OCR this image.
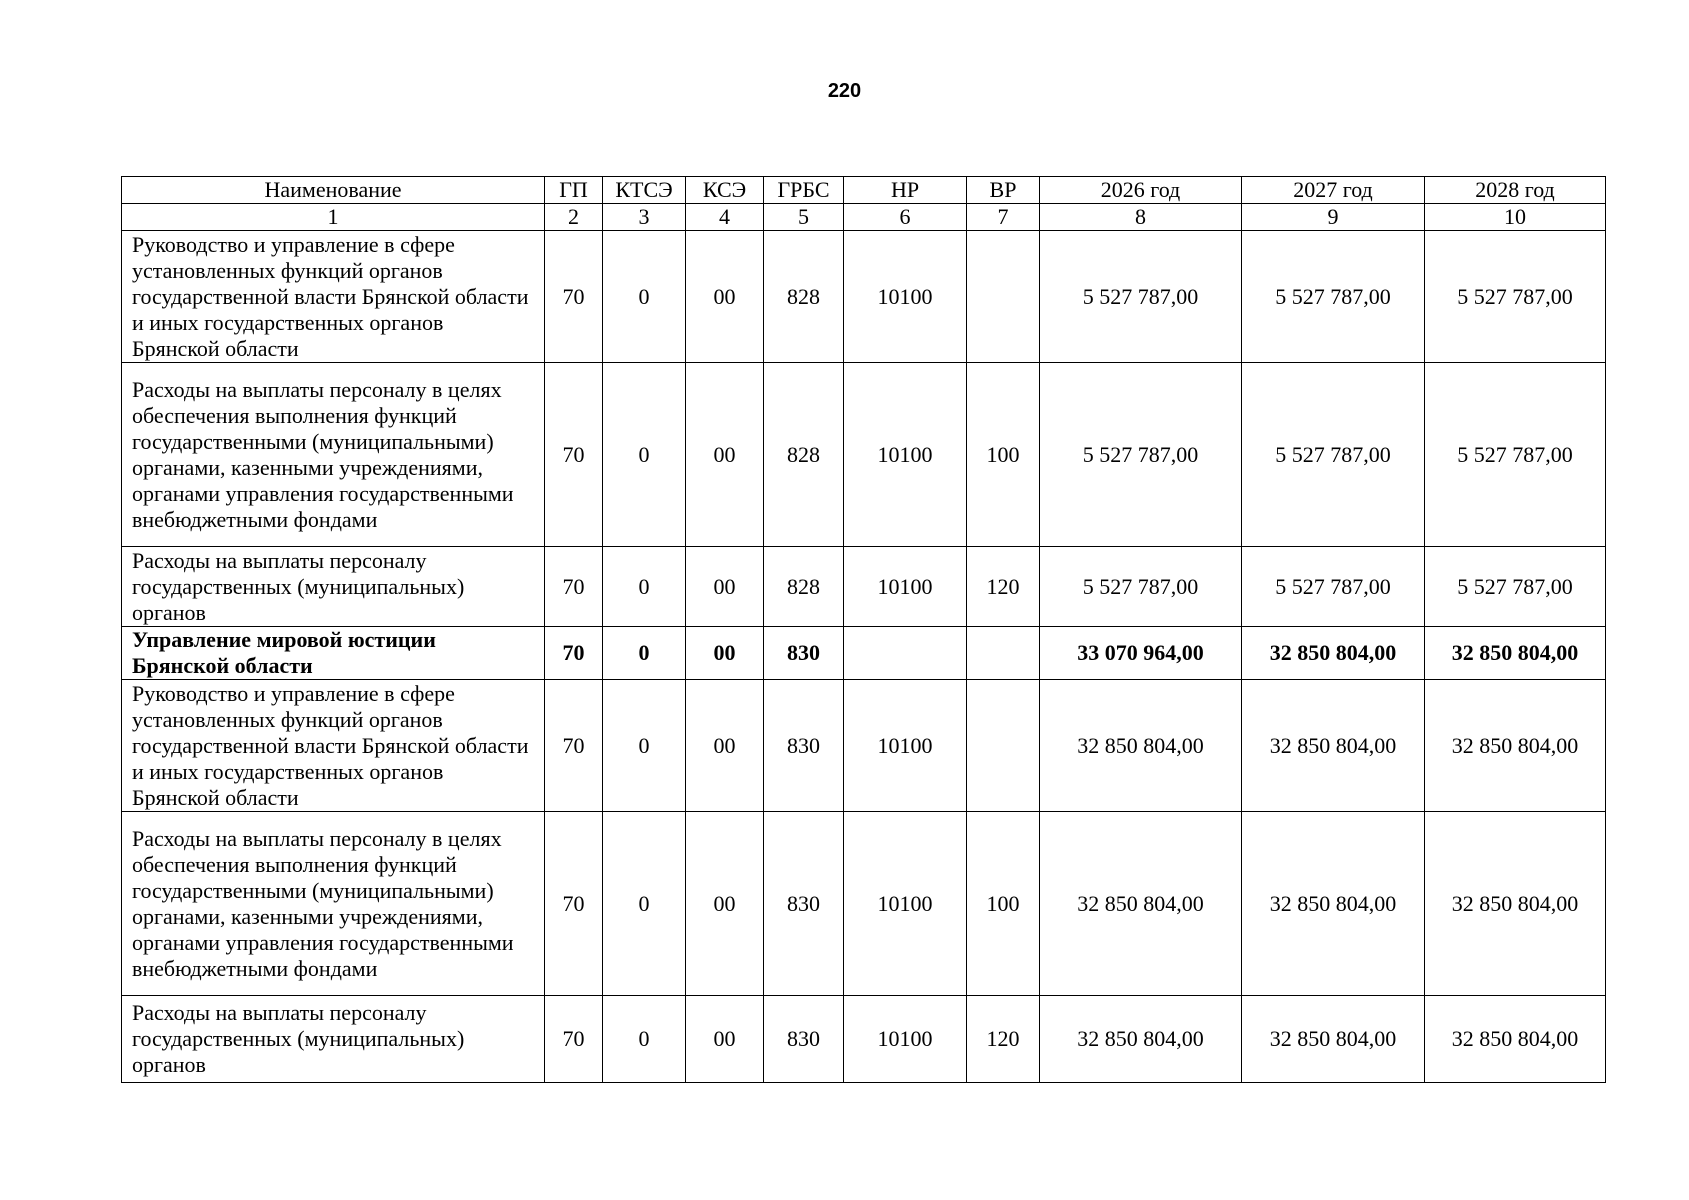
220
Наименование	ГП	КТСЭ	КСЭ	ГРБС	НР	ВР	2026 год	2027 год	2028 год
1	2	3	4	5	6	7	8	9	10
Руководство и управление в сфере установленных функций органов государственной власти Брянской области и иных государственных органов Брянской области	70	0	00	828	10100		5 527 787,00	5 527 787,00	5 527 787,00
Расходы на выплаты персоналу в целях обеспечения выполнения функций государственными (муниципальными) органами, казенными учреждениями, органами управления государственными внебюджетными фондами	70	0	00	828	10100	100	5 527 787,00	5 527 787,00	5 527 787,00
Расходы на выплаты персоналу государственных (муниципальных) органов	70	0	00	828	10100	120	5 527 787,00	5 527 787,00	5 527 787,00
Управление мировой юстиции Брянской области	70	0	00	830			33 070 964,00	32 850 804,00	32 850 804,00
Руководство и управление в сфере установленных функций органов государственной власти Брянской области и иных государственных органов Брянской области	70	0	00	830	10100		32 850 804,00	32 850 804,00	32 850 804,00
Расходы на выплаты персоналу в целях обеспечения выполнения функций государственными (муниципальными) органами, казенными учреждениями, органами управления государственными внебюджетными фондами	70	0	00	830	10100	100	32 850 804,00	32 850 804,00	32 850 804,00
Расходы на выплаты персоналу государственных (муниципальных) органов	70	0	00	830	10100	120	32 850 804,00	32 850 804,00	32 850 804,00
